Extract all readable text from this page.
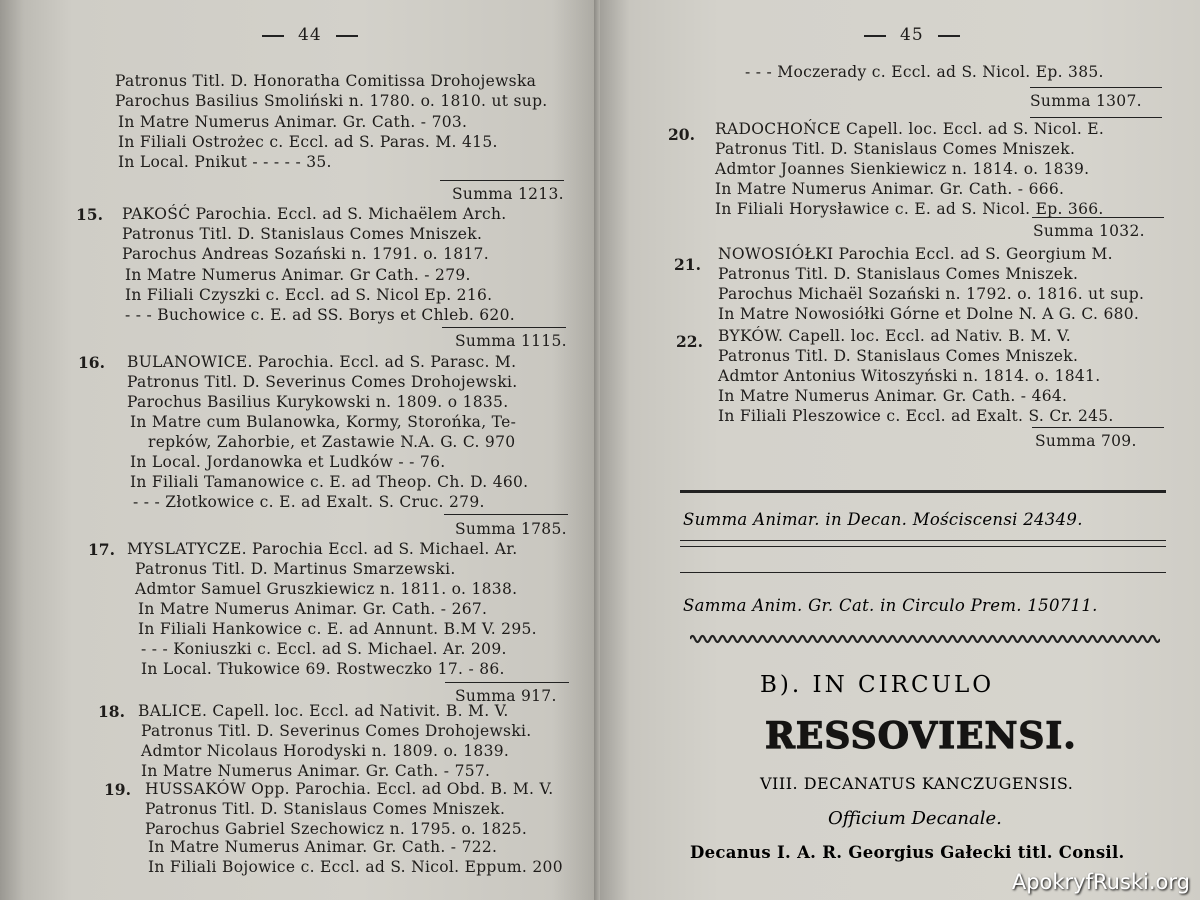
44
Patronus Titl. D. Honoratha Comitissa Drohojewska
Parochus Basilius Smoliński n. 1780. o. 1810. ut sup.
In Matre Numerus Animar. Gr. Cath. - 703.
In Filiali Ostrożec c. Eccl. ad S. Paras. M. 415.
In Local. Pnikut - - - - - 35.
Summa 1213.
PAKOŚĆ Parochia. Eccl. ad S. Michaëlem Arch.
Patronus Titl. D. Stanislaus Comes Mniszek.
Parochus Andreas Sozański n. 1791. o. 1817.
In Matre Numerus Animar. Gr Cath. - 279.
In Filiali Czyszki c. Eccl. ad S. Nicol Ep. 216.
- - - Buchowice c. E. ad SS. Borys et Chleb. 620.
Summa 1115.
BULANOWICE. Parochia. Eccl. ad S. Parasc. M.
Patronus Titl. D. Severinus Comes Drohojewski.
Parochus Basilius Kurykowski n. 1809. o 1835.
In Matre cum Bulanowka, Kormy, Storońka, Te-
repków, Zahorbie, et Zastawie N.A. G. C. 970
In Local. Jordanowka et Ludków - - 76.
In Filiali Tamanowice c. E. ad Theop. Ch. D. 460.
- - - Złotkowice c. E. ad Exalt. S. Cruc. 279.
Summa 1785.
MYSLATYCZE. Parochia Eccl. ad S. Michael. Ar.
Patronus Titl. D. Martinus Smarzewski.
Admtor Samuel Gruszkiewicz n. 1811. o. 1838.
In Matre Numerus Animar. Gr. Cath. - 267.
In Filiali Hankowice c. E. ad Annunt. B.M V. 295.
- - - Koniuszki c. Eccl. ad S. Michael. Ar. 209.
In Local. Tłukowice 69. Rostweczko 17. - 86.
Summa 917.
BALICE. Capell. loc. Eccl. ad Nativit. B. M. V.
Patronus Titl. D. Severinus Comes Drohojewski.
Admtor Nicolaus Horodyski n. 1809. o. 1839.
In Matre Numerus Animar. Gr. Cath. - 757.
HUSSAKÓW Opp. Parochia. Eccl. ad Obd. B. M. V.
Patronus Titl. D. Stanislaus Comes Mniszek.
Parochus Gabriel Szechowicz n. 1795. o. 1825.
In Matre Numerus Animar. Gr. Cath. - 722.
In Filiali Bojowice c. Eccl. ad S. Nicol. Eppum. 200
15.
16.
17.
18.
19.
45
- - - Moczerady c. Eccl. ad S. Nicol. Ep. 385.
Summa 1307.
RADOCHOŃCE Capell. loc. Eccl. ad S. Nicol. E.
Patronus Titl. D. Stanislaus Comes Mniszek.
Admtor Joannes Sienkiewicz n. 1814. o. 1839.
In Matre Numerus Animar. Gr. Cath. - 666.
In Filiali Horysławice c. E. ad S. Nicol. Ep. 366.
Summa 1032.
NOWOSIÓŁKI Parochia Eccl. ad S. Georgium M.
Patronus Titl. D. Stanislaus Comes Mniszek.
Parochus Michaël Sozański n. 1792. o. 1816. ut sup.
In Matre Nowosiółki Górne et Dolne N. A G. C. 680.
BYKÓW. Capell. loc. Eccl. ad Nativ. B. M. V.
Patronus Titl. D. Stanislaus Comes Mniszek.
Admtor Antonius Witoszyński n. 1814. o. 1841.
In Matre Numerus Animar. Gr. Cath. - 464.
In Filiali Pleszowice c. Eccl. ad Exalt. S. Cr. 245.
Summa 709.
20.
21.
22.
Summa Animar. in Decan. Mościscensi 24349.
Samma Anim. Gr. Cat. in Circulo Prem. 150711.
B). IN CIRCULO
RESSOVIENSI.
VIII. DECANATUS KANCZUGENSIS.
Officium Decanale.
Decanus I. A. R. Georgius Gałecki titl. Consil.
ApokryfRuski.org
